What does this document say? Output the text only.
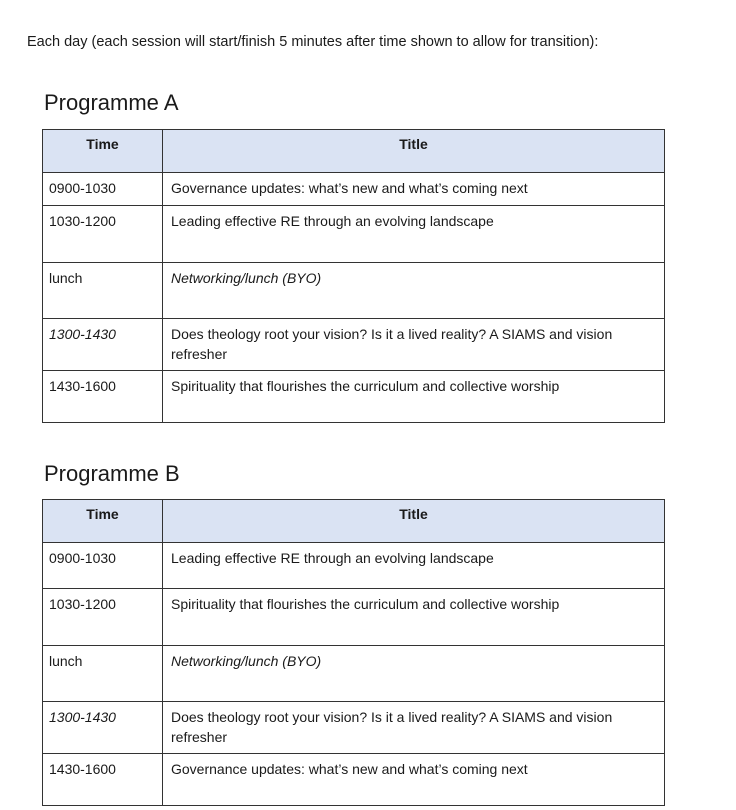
Each day (each session will start/finish 5 minutes after time shown to allow for transition):
Programme A
Time	Title

0900-1030	Governance updates: what’s new and what’s coming next
1030-1200	Leading effective RE through an evolving landscape
lunch	Networking/lunch (BYO)
1300-1430	Does theology root your vision? Is it a lived reality? A SIAMS and vision refresher
1430-1600	Spirituality that flourishes the curriculum and collective worship
Programme B
Time	Title

0900-1030	Leading effective RE through an evolving landscape
1030-1200	Spirituality that flourishes the curriculum and collective worship
lunch	Networking/lunch (BYO)
1300-1430	Does theology root your vision? Is it a lived reality? A SIAMS and vision refresher
1430-1600	Governance updates: what’s new and what’s coming next
